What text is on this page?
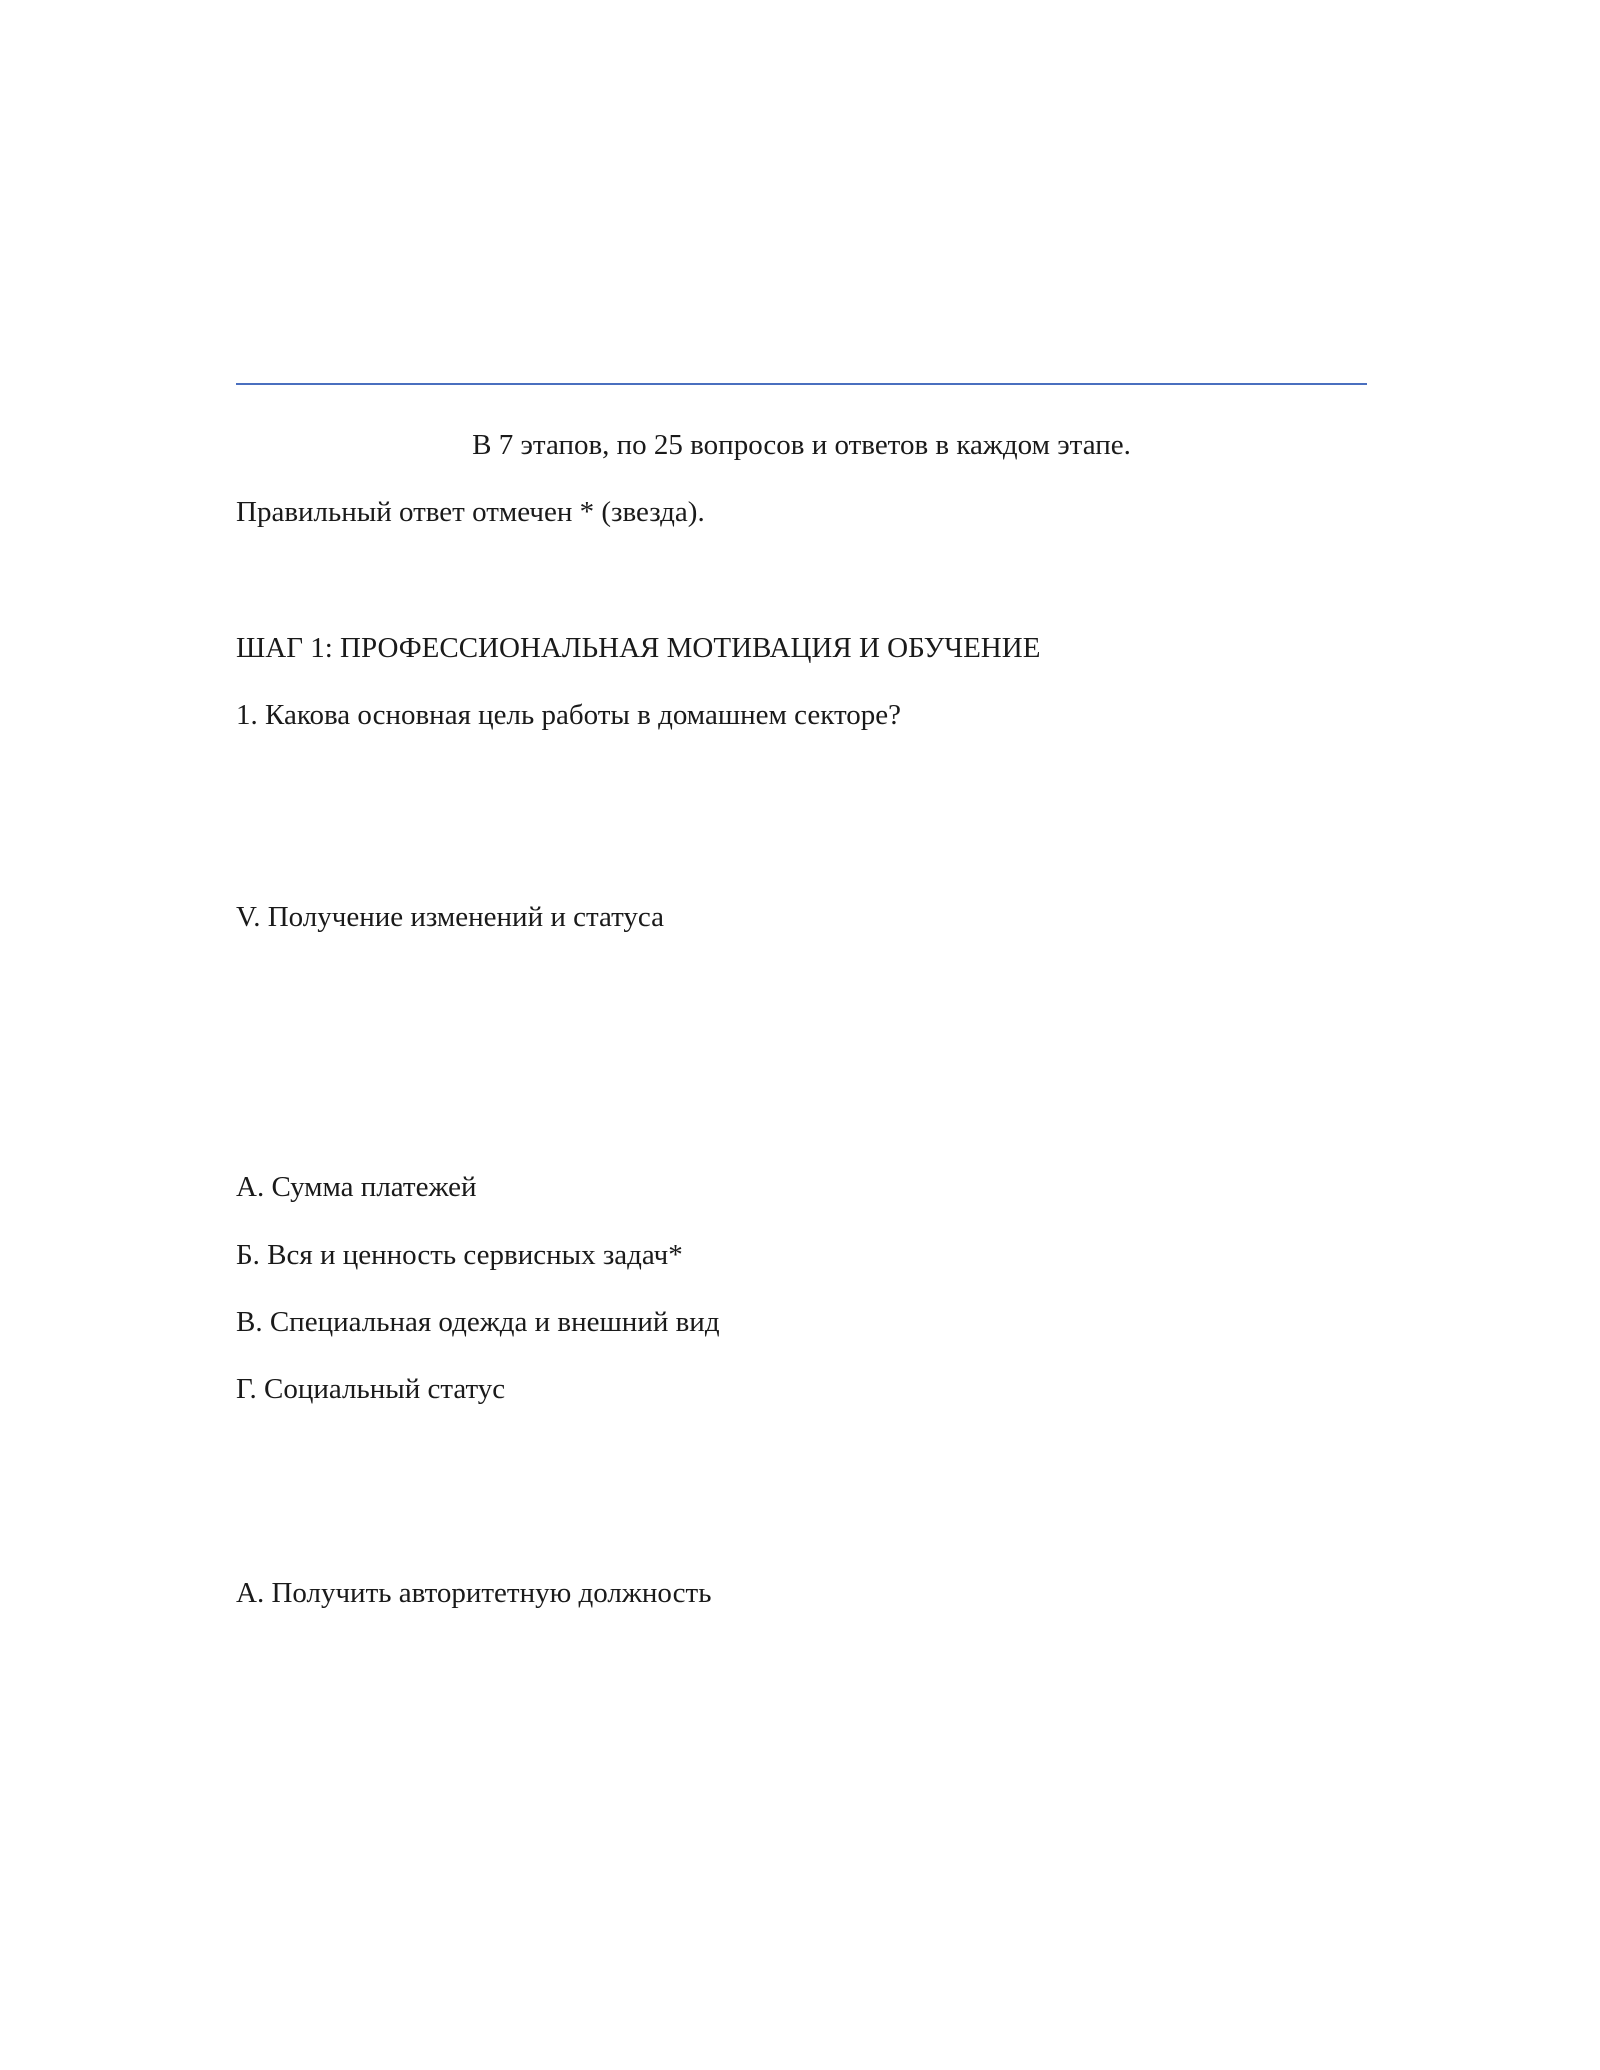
В 7 этапов, по 25 вопросов и ответов в каждом этапе.
Правильный ответ отмечен * (звезда).
ШАГ 1: ПРОФЕССИОНАЛЬНАЯ МОТИВАЦИЯ И ОБУЧЕНИЕ
1. Какова основная цель работы в домашнем секторе?
V. Получение изменений и статуса
А. Сумма платежей
Б. Вся и ценность сервисных задач*
В. Специальная одежда и внешний вид
Г. Социальный статус
А. Получить авторитетную должность
